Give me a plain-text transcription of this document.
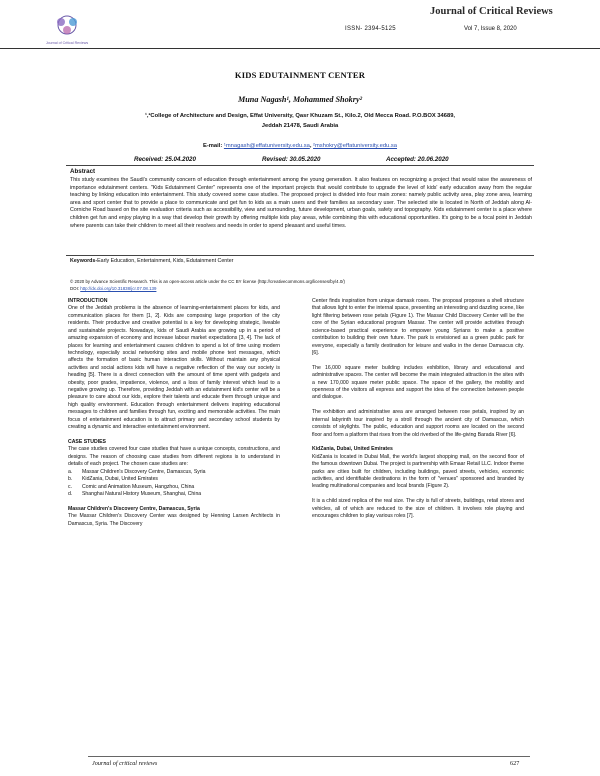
Journal of Critical Reviews
Journal of Critical Reviews
ISSN- 2394-5125	Vol 7, Issue 8, 2020
KIDS EDUTAINMENT CENTER
Muna Nagash¹, Mohammed Shokry²
¹,²College of Architecture and Design, Effat University, Qasr Khuzam St., Kilo.2, Old Mecca Road. P.O.BOX 34689,
Jeddah 21478, Saudi Arabia
E-mail: ¹mnagash@effatuniversity.edu.sa, ²mshokry@effatuniversity.edu.sa
Received: 25.04.2020	Revised: 30.05.2020	Accepted: 20.06.2020
Abstract
This study examines the Saudi's community concern of education through entertainment among the young generation. It also features on recognizing a project that would raise the awareness of importance edutainment centers. "Kids Edutainment Center" represents one of the important projects that would contribute to upgrade the level of kids' early education away from the regular teaching by linking education into entertainment. This study covered some case studies. The proposed project is divided into four main zones: namely public activity area, play zone area, learning area and sport center that to provide a place to communicate and get fun to kids as a main users and their families as secondary user. The selected site is located in North of Jeddah along Al-Corniche Road based on the site evaluation criteria such as accessibility, view and surrounding, future development, urban goals, safety and topography. Kids edutainment center is a place where children get fun and enjoy playing in a way that develop their growth by offering multiple kids play areas, while combining this with educational opportunities. It's going to be a focal point in Jeddah where parents can take their children to meet all their resolves and needs in order to spend pleasant and useful times.
Keywords-Early Education, Entertainment, Kids, Edutainment Center
© 2020 by Advance Scientific Research. This is an open-access article under the CC BY license (http://creativecommons.org/licenses/by/4.0/)
DOI: http://dx.doi.org/10.31838/jcr.07.08.139

INTRODUCTION

One of the Jeddah problems is the absence of learning-entertainment places for kids, and communication places for them [1, 2]. Kids are composing large proportion of the city residents. Their productive and creative potential is a key for developing strategic, liveable and sustainable projects. Nowadays, kids of Saudi Arabia are growing up in a period of amazing expansion of economy and increase labour market expectations [3, 4]. The lack of places for learning and entertainment causes children to spend a lot of time using modern technology, especially social networking sites and mobile phone text messages, which affects the formation of basic human interaction skills. Without maintain any physical activities and social actions kids will have a negative reflection of the way our society is heading [5]. There is a direct connection with the amount of time spent with gadgets and obesity, poor grades, impatience, violence, and a loss of family interest which lead to a negative growing up. Therefore, providing Jeddah with an edutainment kid's center will be a pleasure to care about our kids, explore their talents and educate them through unique and high quality environment. Education through entertainment delivers inspiring educational messages to children and families through fun, exciting and memorable activities. The main focus of entertainment education is to attract primary and secondary school students by creating a dynamic and interactive entertainment environment.

CASE STUDIES

The case studies covered four case studies that have a unique concepts, constructions, and designs. The reason of choosing case studies from different regions is to understand in details of each project. The chosen case studies are:

a. Massar Children's Discovery Centre, Damascus, Syria
b. KidZania, Dubai, United Emirates
c. Comic and Animation Museum, Hangzhou, China
d. Shanghai Natural History Museum, Shanghai, China

Massar Children's Discovery Centre, Damascus, Syria

The Massar Children's Discovery Center was designed by Henning Larsen Architects in Damascus, Syria. The Discovery

Center finds inspiration from unique damask roses. The proposal proposes a shell structure that allows light to enter the internal space, presenting an interesting and dazzling scene, like light filtering between rose petals (Figure 1). The Massar Child Discovery Center will be the core of the Syrian educational program Massar. The center will provide activities through science-based practical experience to empower young Syrians to make a positive contribution to building their own future. The park is envisioned as a green public park for everyone, especially a family destination for leisure and walks in the dense Damascus city. [6].

The 16,000 square meter building includes exhibition, library and educational and administrative spaces. The center will become the main integrated attraction in the sites with a new 170,000 square meter public space. The space of the gallery, the mobility and openness of the visitors all express and support the idea of the connection between people and dialogue.

The exhibition and administrative area are arranged between rose petals, inspired by an internal labyrinth tour inspired by a stroll through the ancient city of Damascus, which consists of skylights. The public, education and support rooms are located on the second floor and form a platform that rises from the old riverbed of the life-giving Barada River [6].

KidZania, Dubai, United Emirates

KidZania is located in Dubai Mall, the world's largest shopping mall, on the second floor of the famous downtown Dubai. The project is partnership with Emaar Retail LLC. Indoor theme parks are cities built for children, including buildings, paved streets, vehicles, economic activities, and identifiable destinations in the form of "venues" sponsored and branded by leading multinational companies and local brands (Figure 2).

It is a child sized replica of the real size. The city is full of streets, buildings, retail stores and vehicles, all of which are reduced to the size of children. It involves role playing and encourages children to play various roles [7].

Journal of critical reviews	627
